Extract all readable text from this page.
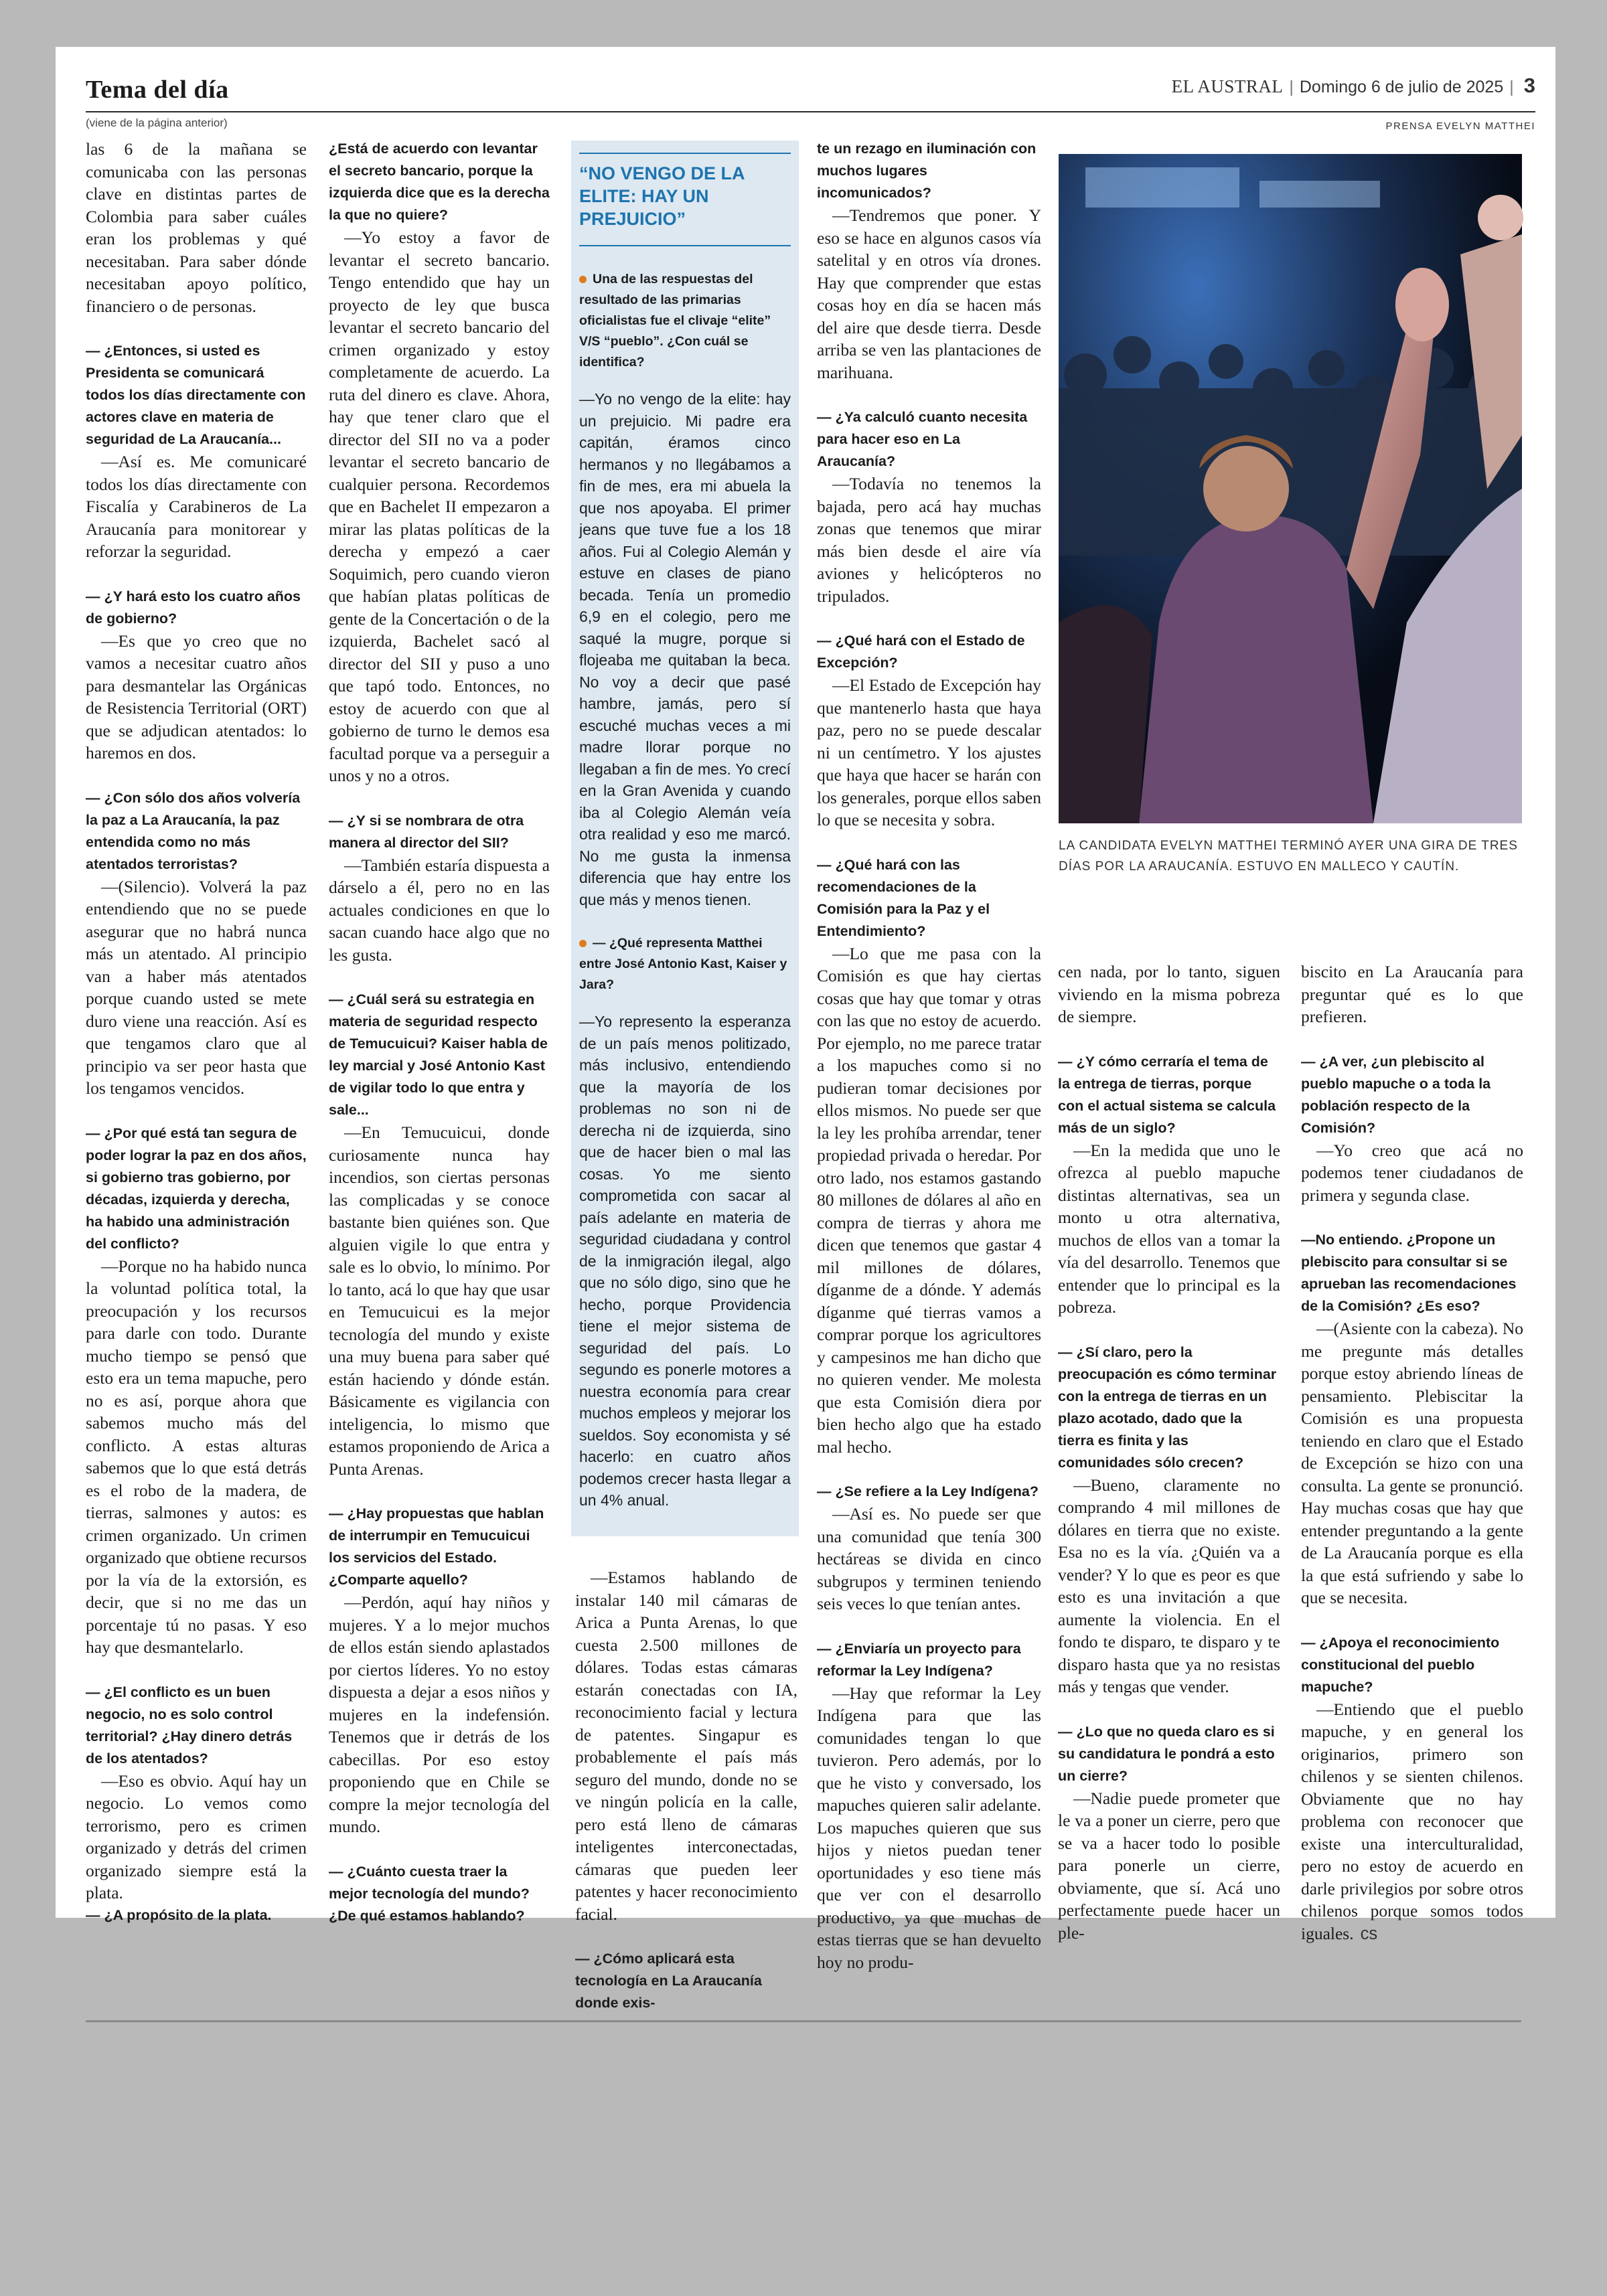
Tema del día	EL AUSTRAL | Domingo 6 de julio de 2025 | 3
(viene de la página anterior)	PRENSA EVELYN MATTHEI

las 6 de la mañana se comunicaba con las personas clave en distintas partes de Colombia para saber cuáles eran los problemas y qué necesitaban. Para saber dónde necesitaban apoyo político, financiero o de personas.

— ¿Entonces, si usted es Presidenta se comunicará todos los días directamente con actores clave en materia de seguridad de La Araucanía...

—Así es. Me comunicaré todos los días directamente con Fiscalía y Carabineros de La Araucanía para monitorear y reforzar la seguridad.

— ¿Y hará esto los cuatro años de gobierno?

—Es que yo creo que no vamos a necesitar cuatro años para desmantelar las Orgánicas de Resistencia Territorial (ORT) que se adjudican atentados: lo haremos en dos.

— ¿Con sólo dos años volvería la paz a La Araucanía, la paz entendida como no más atentados terroristas?

—(Silencio). Volverá la paz entendiendo que no se puede asegurar que no habrá nunca más un atentado. Al principio van a haber más atentados porque cuando usted se mete duro viene una reacción. Así es que tengamos claro que al principio va ser peor hasta que los tengamos vencidos.

— ¿Por qué está tan segura de poder lograr la paz en dos años, si gobierno tras gobierno, por décadas, izquierda y derecha, ha habido una administración del conflicto?

—Porque no ha habido nunca la voluntad política total, la preocupación y los recursos para darle con todo. Durante mucho tiempo se pensó que esto era un tema mapuche, pero no es así, porque ahora que sabemos mucho más del conflicto. A estas alturas sabemos que lo que está detrás es el robo de la madera, de tierras, salmones y autos: es crimen organizado. Un crimen organizado que obtiene recursos por la vía de la extorsión, es decir, que si no me das un porcentaje tú no pasas. Y eso hay que desmantelarlo.

— ¿El conflicto es un buen negocio, no es solo control territorial? ¿Hay dinero detrás de los atentados?

—Eso es obvio. Aquí hay un negocio. Lo vemos como terrorismo, pero es crimen organizado y detrás del crimen organizado siempre está la plata.

— ¿A propósito de la plata.

¿Está de acuerdo con levantar el secreto bancario, porque la izquierda dice que es la derecha la que no quiere?

—Yo estoy a favor de levantar el secreto bancario. Tengo entendido que hay un proyecto de ley que busca levantar el secreto bancario del crimen organizado y estoy completamente de acuerdo. La ruta del dinero es clave. Ahora, hay que tener claro que el director del SII no va a poder levantar el secreto bancario de cualquier persona. Recordemos que en Bachelet II empezaron a mirar las platas políticas de la derecha y empezó a caer Soquimich, pero cuando vieron que habían platas políticas de gente de la Concertación o de la izquierda, Bachelet sacó al director del SII y puso a uno que tapó todo. Entonces, no estoy de acuerdo con que al gobierno de turno le demos esa facultad porque va a perseguir a unos y no a otros.

— ¿Y si se nombrara de otra manera al director del SII?

—También estaría dispuesta a dárselo a él, pero no en las actuales condiciones en que lo sacan cuando hace algo que no les gusta.

— ¿Cuál será su estrategia en materia de seguridad respecto de Temucuicui? Kaiser habla de ley marcial y José Antonio Kast de vigilar todo lo que entra y sale...

—En Temucuicui, donde curiosamente nunca hay incendios, son ciertas personas las complicadas y se conoce bastante bien quiénes son. Que alguien vigile lo que entra y sale es lo obvio, lo mínimo. Por lo tanto, acá lo que hay que usar en Temucuicui es la mejor tecnología del mundo y existe una muy buena para saber qué están haciendo y dónde están. Básicamente es vigilancia con inteligencia, lo mismo que estamos proponiendo de Arica a Punta Arenas.

— ¿Hay propuestas que hablan de interrumpir en Temucuicui los servicios del Estado. ¿Comparte aquello?

—Perdón, aquí hay niños y mujeres. Y a lo mejor muchos de ellos están siendo aplastados por ciertos líderes. Yo no estoy dispuesta a dejar a esos niños y mujeres en la indefensión. Tenemos que ir detrás de los cabecillas. Por eso estoy proponiendo que en Chile se compre la mejor tecnología del mundo.

— ¿Cuánto cuesta traer la mejor tecnología del mundo? ¿De qué estamos hablando?

“NO VENGO DE LA ELITE: HAY UN PREJUICIO”

Una de las respuestas del resultado de las primarias oficialistas fue el clivaje “elite” V/S “pueblo”. ¿Con cuál se identifica?

—Yo no vengo de la elite: hay un prejuicio. Mi padre era capitán, éramos cinco hermanos y no llegábamos a fin de mes, era mi abuela la que nos apoyaba. El primer jeans que tuve fue a los 18 años. Fui al Colegio Alemán y estuve en clases de piano becada. Tenía un promedio 6,9 en el colegio, pero me saqué la mugre, porque si flojeaba me quitaban la beca. No voy a decir que pasé hambre, jamás, pero sí escuché muchas veces a mi madre llorar porque no llegaban a fin de mes. Yo crecí en la Gran Avenida y cuando iba al Colegio Alemán veía otra realidad y eso me marcó. No me gusta la inmensa diferencia que hay entre los que más y menos tienen.

— ¿Qué representa Matthei entre José Antonio Kast, Kaiser y Jara?

—Yo represento la esperanza de un país menos politizado, más inclusivo, entendiendo que la mayoría de los problemas no son ni de derecha ni de izquierda, sino que de hacer bien o mal las cosas. Yo me siento comprometida con sacar al país adelante en materia de seguridad ciudadana y control de la inmigración ilegal, algo que no sólo digo, sino que he hecho, porque Providencia tiene el mejor sistema de seguridad del país. Lo segundo es ponerle motores a nuestra economía para crear muchos empleos y mejorar los sueldos. Soy economista y sé hacerlo: en cuatro años podemos crecer hasta llegar a un 4% anual.

—Estamos hablando de instalar 140 mil cámaras de Arica a Punta Arenas, lo que cuesta 2.500 millones de dólares. Todas estas cámaras estarán conectadas con IA, reconocimiento facial y lectura de patentes. Singapur es probablemente el país más seguro del mundo, donde no se ve ningún policía en la calle, pero está lleno de cámaras inteligentes interconectadas, cámaras que pueden leer patentes y hacer reconocimiento facial.

— ¿Cómo aplicará esta tecnología en La Araucanía donde exis-

te un rezago en iluminación con muchos lugares incomunicados?

—Tendremos que poner. Y eso se hace en algunos casos vía satelital y en otros vía drones. Hay que comprender que estas cosas hoy en día se hacen más del aire que desde tierra. Desde arriba se ven las plantaciones de marihuana.

— ¿Ya calculó cuanto necesita para hacer eso en La Araucanía?

—Todavía no tenemos la bajada, pero acá hay muchas zonas que tenemos que mirar más bien desde el aire vía aviones y helicópteros no tripulados.

— ¿Qué hará con el Estado de Excepción?

—El Estado de Excepción hay que mantenerlo hasta que haya paz, pero no se puede descalar ni un centímetro. Y los ajustes que haya que hacer se harán con los generales, porque ellos saben lo que se necesita y sobra.

— ¿Qué hará con las recomendaciones de la Comisión para la Paz y el Entendimiento?

—Lo que me pasa con la Comisión es que hay ciertas cosas que hay que tomar y otras con las que no estoy de acuerdo. Por ejemplo, no me parece tratar a los mapuches como si no pudieran tomar decisiones por ellos mismos. No puede ser que la ley les prohíba arrendar, tener propiedad privada o heredar. Por otro lado, nos estamos gastando 80 millones de dólares al año en compra de tierras y ahora me dicen que tenemos que gastar 4 mil millones de dólares, díganme de a dónde. Y además díganme qué tierras vamos a comprar porque los agricultores y campesinos me han dicho que no quieren vender. Me molesta que esta Comisión diera por bien hecho algo que ha estado mal hecho.

— ¿Se refiere a la Ley Indígena?

—Así es. No puede ser que una comunidad que tenía 300 hectáreas se divida en cinco subgrupos y terminen teniendo seis veces lo que tenían antes.

— ¿Enviaría un proyecto para reformar la Ley Indígena?

—Hay que reformar la Ley Indígena para que las comunidades tengan lo que tuvieron. Pero además, por lo que he visto y conversado, los mapuches quieren salir adelante. Los mapuches quieren que sus hijos y nietos puedan tener oportunidades y eso tiene más que ver con el desarrollo productivo, ya que muchas de estas tierras que se han devuelto hoy no produ-

LA CANDIDATA EVELYN MATTHEI TERMINÓ AYER UNA GIRA DE TRES DÍAS POR LA ARAUCANÍA. ESTUVO EN MALLECO Y CAUTÍN.

cen nada, por lo tanto, siguen viviendo en la misma pobreza de siempre.

— ¿Y cómo cerraría el tema de la entrega de tierras, porque con el actual sistema se calcula más de un siglo?

—En la medida que uno le ofrezca al pueblo mapuche distintas alternativas, sea un monto u otra alternativa, muchos de ellos van a tomar la vía del desarrollo. Tenemos que entender que lo principal es la pobreza.

— ¿Sí claro, pero la preocupación es cómo terminar con la entrega de tierras en un plazo acotado, dado que la tierra es finita y las comunidades sólo crecen?

—Bueno, claramente no comprando 4 mil millones de dólares en tierra que no existe. Esa no es la vía. ¿Quién va a vender? Y lo que es peor es que esto es una invitación a que aumente la violencia. En el fondo te disparo, te disparo y te disparo hasta que ya no resistas más y tengas que vender.

— ¿Lo que no queda claro es si su candidatura le pondrá a esto un cierre?

—Nadie puede prometer que le va a poner un cierre, pero que se va a hacer todo lo posible para ponerle un cierre, obviamente, que sí. Acá uno perfectamente puede hacer un ple-

biscito en La Araucanía para preguntar qué es lo que prefieren.

— ¿A ver, ¿un plebiscito al pueblo mapuche o a toda la población respecto de la Comisión?

—Yo creo que acá no podemos tener ciudadanos de primera y segunda clase.

—No entiendo. ¿Propone un plebiscito para consultar si se aprueban las recomendaciones de la Comisión? ¿Es eso?

—(Asiente con la cabeza). No me pregunte más detalles porque estoy abriendo líneas de pensamiento. Plebiscitar la Comisión es una propuesta teniendo en claro que el Estado de Excepción se hizo con una consulta. La gente se pronunció. Hay muchas cosas que hay que entender preguntando a la gente de La Araucanía porque es ella la que está sufriendo y sabe lo que se necesita.

— ¿Apoya el reconocimiento constitucional del pueblo mapuche?

—Entiendo que el pueblo mapuche, y en general los originarios, primero son chilenos y se sienten chilenos. Obviamente que no hay problema con reconocer que existe una interculturalidad, pero no estoy de acuerdo en darle privilegios por sobre otros chilenos porque somos todos iguales. cs
